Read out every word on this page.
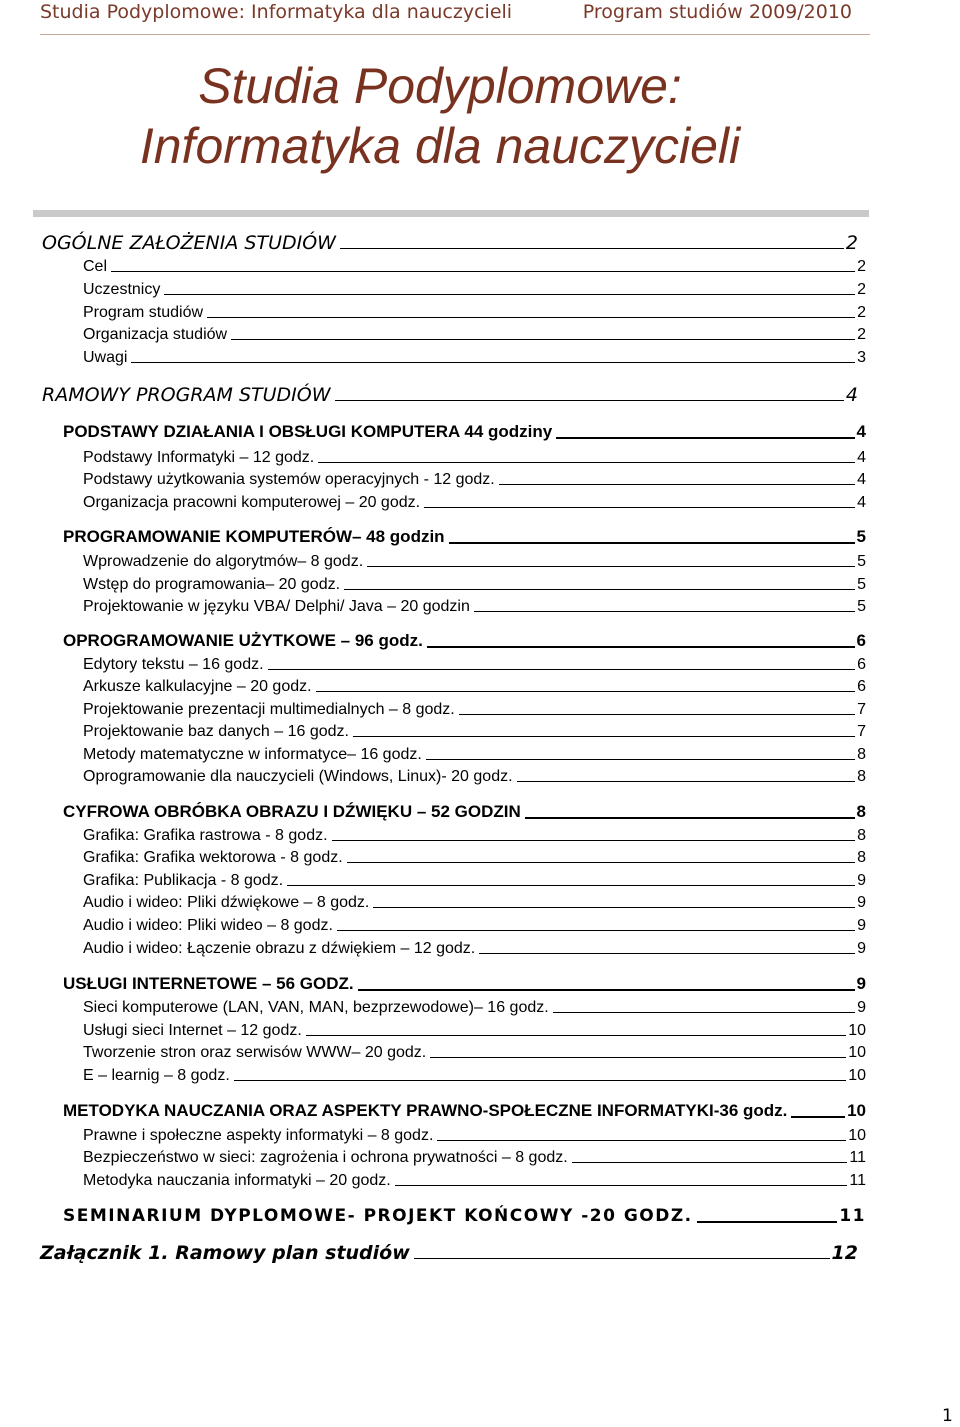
Studia Podyplomowe: Informatyka dla nauczycieli	Program studiów 2009/2010
Studia Podyplomowe:
Informatyka dla nauczycieli
OGÓLNE ZAŁOŻENIA STUDIÓW	2
Cel	2
Uczestnicy	2
Program studiów	2
Organizacja studiów	2
Uwagi	3
RAMOWY PROGRAM STUDIÓW	4
PODSTAWY DZIAŁANIA I OBSŁUGI KOMPUTERA 44 godziny	4
Podstawy Informatyki – 12 godz.	4
Podstawy użytkowania systemów operacyjnych - 12 godz.	4
Organizacja pracowni komputerowej – 20 godz.	4
PROGRAMOWANIE KOMPUTERÓW– 48 godzin	5
Wprowadzenie do algorytmów– 8 godz.	5
Wstęp do programowania– 20 godz.	5
Projektowanie w języku VBA/ Delphi/ Java – 20 godzin	5
OPROGRAMOWANIE UŻYTKOWE – 96 godz.	6
Edytory tekstu – 16 godz.	6
Arkusze kalkulacyjne – 20 godz.	6
Projektowanie prezentacji multimedialnych – 8 godz.	7
Projektowanie baz danych – 16 godz.	7
Metody matematyczne w informatyce– 16 godz.	8
Oprogramowanie dla nauczycieli (Windows, Linux)- 20 godz.	8
CYFROWA OBRÓBKA OBRAZU I DŹWIĘKU – 52 GODZIN	8
Grafika: Grafika rastrowa - 8 godz.	8
Grafika: Grafika wektorowa - 8 godz.	8
Grafika: Publikacja - 8 godz.	9
Audio i wideo: Pliki dźwiękowe – 8 godz.	9
Audio i wideo: Pliki wideo – 8 godz.	9
Audio i wideo: Łączenie obrazu z dźwiękiem – 12 godz.	9
USŁUGI INTERNETOWE – 56 GODZ.	9
Sieci komputerowe (LAN, VAN, MAN, bezprzewodowe)– 16 godz.	9
Usługi sieci Internet – 12 godz.	10
Tworzenie stron oraz serwisów WWW– 20 godz.	10
E – learnig – 8 godz.	10
METODYKA NAUCZANIA ORAZ ASPEKTY PRAWNO-SPOŁECZNE INFORMATYKI-36 godz.	10
Prawne i społeczne aspekty informatyki – 8 godz.	10
Bezpieczeństwo w sieci: zagrożenia i ochrona prywatności – 8 godz.	11
Metodyka nauczania informatyki – 20 godz.	11
SEMINARIUM DYPLOMOWE- PROJEKT KOŃCOWY -20 GODZ.	11
Załącznik 1. Ramowy plan studiów	12
1
